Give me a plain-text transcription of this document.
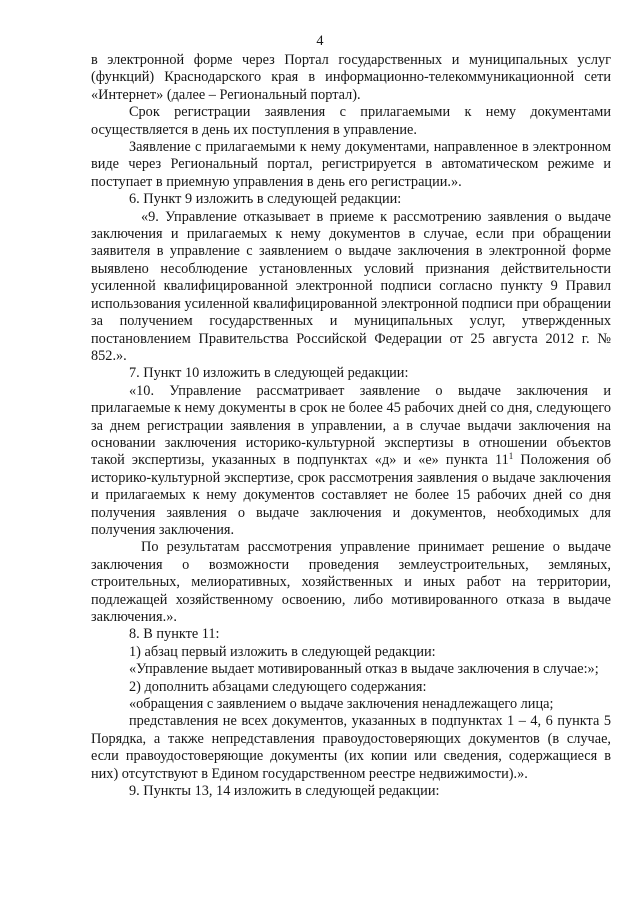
4

в электронной форме через Портал государственных и муниципальных услуг (функций) Краснодарского края в информационно-телекоммуникационной сети «Интернет» (далее – Региональный портал).

Срок регистрации заявления с прилагаемыми к нему документами осуществляется в день их поступления в управление.

Заявление с прилагаемыми к нему документами, направленное в электронном виде через Региональный портал, регистрируется в автоматическом режиме и поступает в приемную управления в день его регистрации.».

6. Пункт 9 изложить в следующей редакции:

«9. Управление отказывает в приеме к рассмотрению заявления о выдаче заключения и прилагаемых к нему документов в случае, если при обращении заявителя в управление с заявлением о выдаче заключения в электронной форме выявлено несоблюдение установленных условий признания действительности усиленной квалифицированной электронной подписи согласно пункту 9 Правил использования усиленной квалифицированной электронной подписи при обращении за получением государственных и муниципальных услуг, утвержденных постановлением Правительства Российской Федерации от 25 августа 2012 г. № 852.».

7. Пункт 10 изложить в следующей редакции:

«10. Управление рассматривает заявление о выдаче заключения и прилагаемые к нему документы в срок не более 45 рабочих дней со дня, следующего за днем регистрации заявления в управлении, а в случае выдачи заключения на основании заключения историко-культурной экспертизы в отношении объектов такой экспертизы, указанных в подпунктах «д» и «е» пункта $11^1$ Положения об историко-культурной экспертизе, срок рассмотрения заявления о выдаче заключения и прилагаемых к нему документов составляет не более 15 рабочих дней со дня получения заявления о выдаче заключения и документов, необходимых для получения заключения.

По результатам рассмотрения управление принимает решение о выдаче заключения о возможности проведения землеустроительных, земляных, строительных, мелиоративных, хозяйственных и иных работ на территории, подлежащей хозяйственному освоению, либо мотивированного отказа в выдаче заключения.».

8. В пункте 11:

1) абзац первый изложить в следующей редакции:

«Управление выдает мотивированный отказ в выдаче заключения в случае:»;

2) дополнить абзацами следующего содержания:

«обращения с заявлением о выдаче заключения ненадлежащего лица;

представления не всех документов, указанных в подпунктах 1 – 4, 6 пункта 5 Порядка, а также непредставления правоудостоверяющих документов (в случае, если правоудостоверяющие документы (их копии или сведения, содержащиеся в них) отсутствуют в Едином государственном реестре недвижимости).».

9. Пункты 13, 14 изложить в следующей редакции:
